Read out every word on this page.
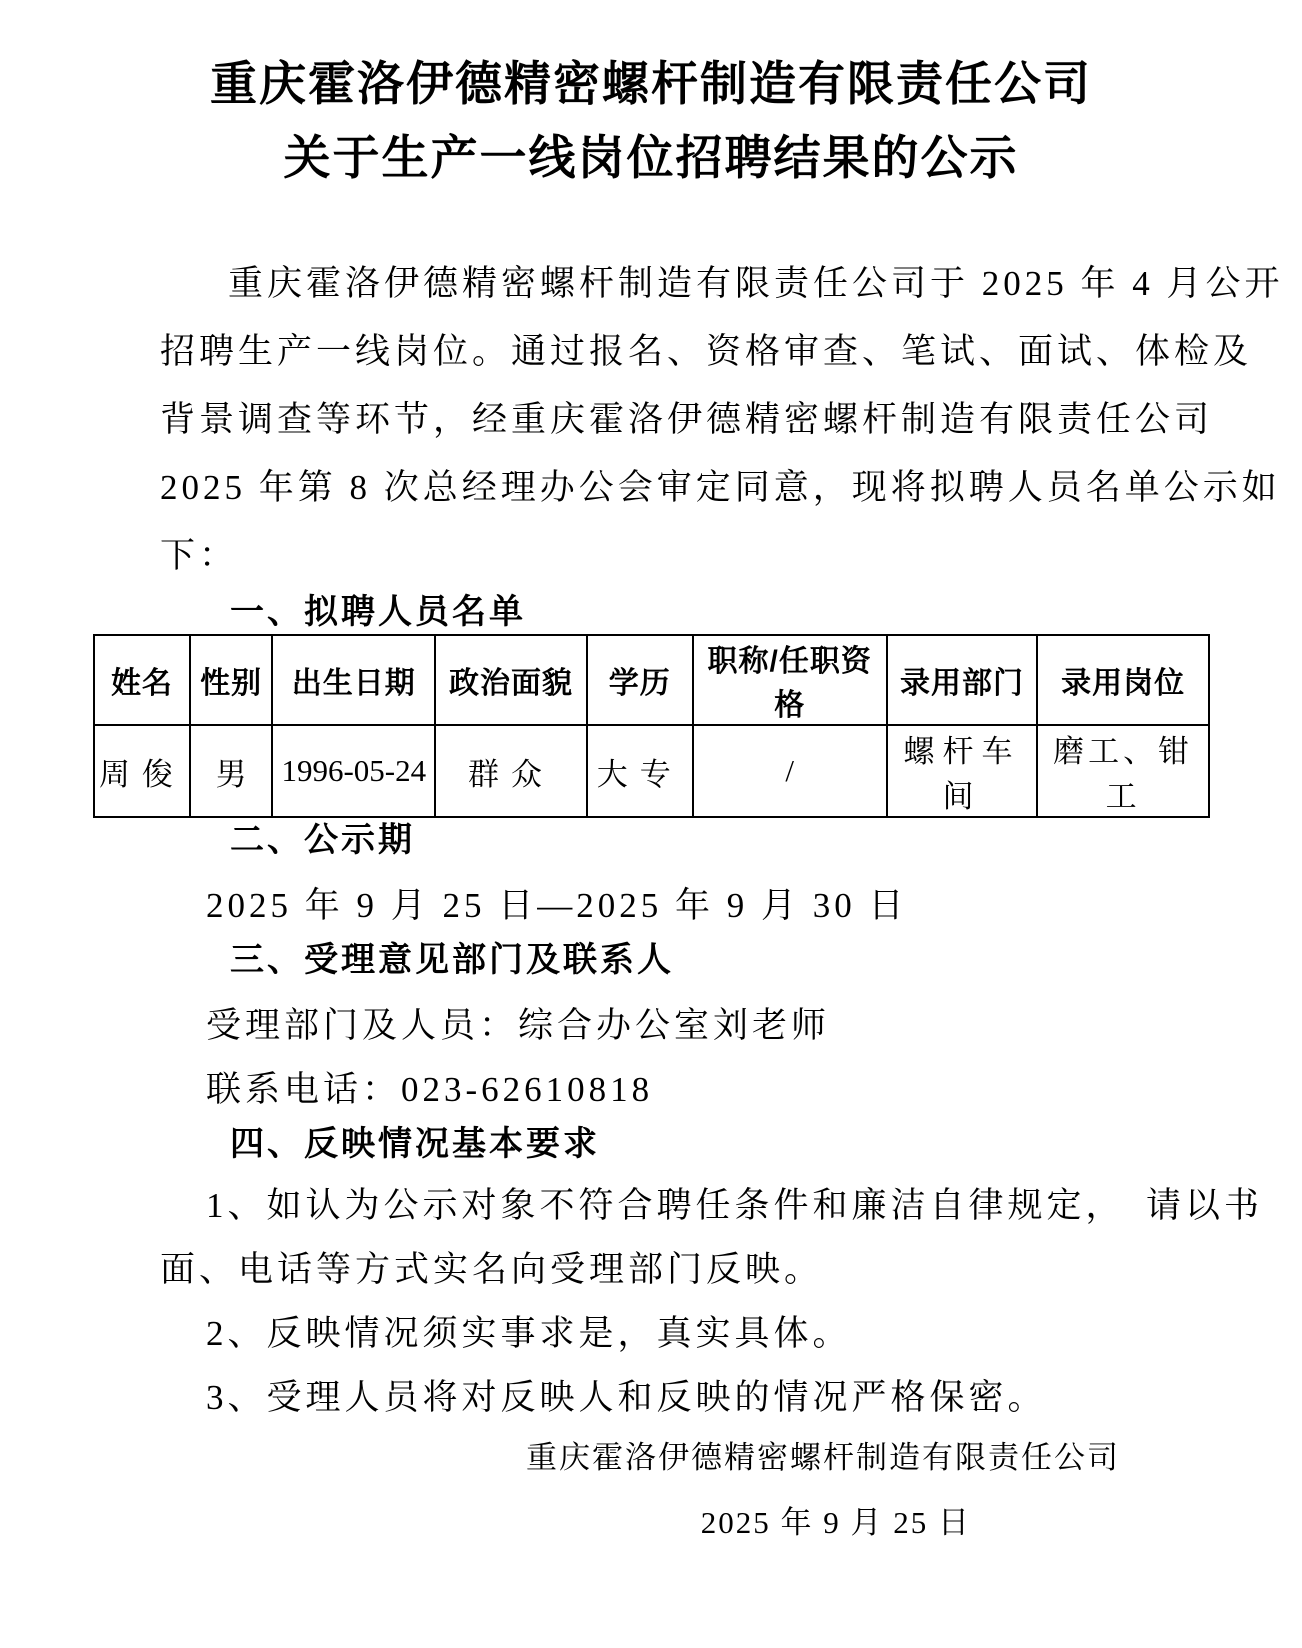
重庆霍洛伊德精密螺杆制造有限责任公司
关于生产一线岗位招聘结果的公示
重庆霍洛伊德精密螺杆制造有限责任公司于 2025 年 4 月公开
招聘生产一线岗位。通过报名、资格审查、笔试、面试、体检及
背景调查等环节，经重庆霍洛伊德精密螺杆制造有限责任公司
2025 年第 8 次总经理办公会审定同意，现将拟聘人员名单公示如
下：
一、拟聘人员名单
姓名	性别	出生日期	政治面貌	学历	职称/任职资格	录用部门	录用岗位
周俊	男	1996-05-24	群众	大专	/	螺杆车间	磨工、钳工
二、公示期
2025 年 9 月 25 日—2025 年 9 月 30 日
三、受理意见部门及联系人
受理部门及人员：综合办公室刘老师
联系电话：023-62610818
四、反映情况基本要求
1、如认为公示对象不符合聘任条件和廉洁自律规定，　请以书
面、电话等方式实名向受理部门反映。
2、反映情况须实事求是，真实具体。
3、受理人员将对反映人和反映的情况严格保密。
重庆霍洛伊德精密螺杆制造有限责任公司
2025 年 9 月 25 日
